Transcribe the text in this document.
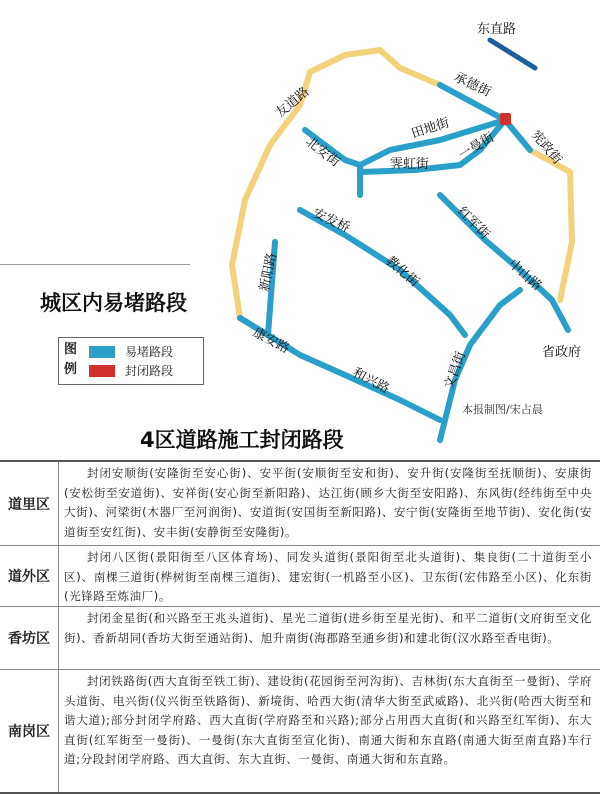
东直路
承德街
友道路
田地街
北安街	霁虹街
一曼街 宪政街
安发桥
新阳路	教化街
红军街
中山路
康安路
和兴路	文昌街	省政府
城区内易堵路段
图例
易堵路段
封闭路段
本报制图/宋占晨
4区道路施工封闭路段
道里区
封闭安顺街(安隆街至安心街)、安平街(安顺街至安和街)、安升街(安隆街至抚顺街)、安康街(安松街至安道街)、安祥街(安心街至新阳路)、达江街(顾乡大街至安阳路)、东风街(经纬街至中央大街)、河梁街(木器厂至河润街)、安道街(安国街至新阳路)、安宁街(安隆街至地节街)、安化街(安道街至安红街)、安丰街(安静街至安隆街)。
道外区
封闭八区街(景阳街至八区体育场)、同发头道街(景阳街至北头道街)、集良街(二十道街至小区)、南棵三道街(桦树街至南棵三道街)、建宏街(一机路至小区)、卫东街(宏伟路至小区)、化东街(光锋路至炼油厂)。
香坊区
封闭金星街(和兴路至王兆头道街)、星光二道街(进乡街至星光街)、和平二道街(文府街至文化街)、香新胡同(香坊大街至通站街)、旭升南街(海郡路至通乡街)和建北街(汉水路至香电街)。
南岗区
封闭铁路街(西大直街至铁工街)、建设街(花园街至河沟街)、吉林街(东大直街至一曼街)、学府头道街、电兴街(仪兴街至铁路街)、新境街、哈西大街(清华大街至武威路)、北兴街(哈西大街至和谐大道);部分封闭学府路、西大直街(学府路至和兴路);部分占用西大直街(和兴路至红军街)、东大直街(红军街至一曼街)、一曼街(东大直街至宣化街)、南通大街和东直路(南通大街至南直路)车行道;分段封闭学府路、西大直街、东大直街、一曼街、南通大街和东直路。
